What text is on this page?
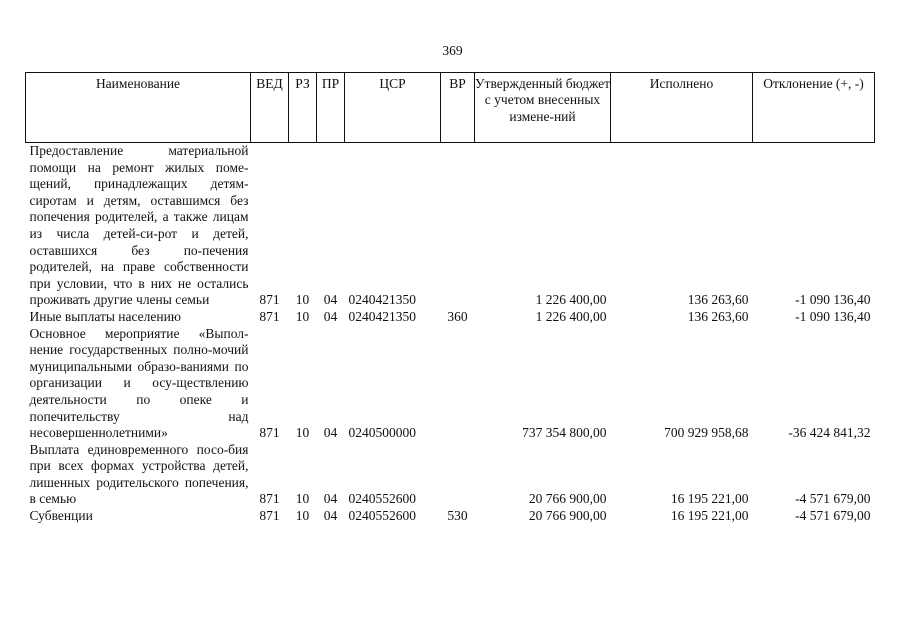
369
Наименование	ВЕД	РЗ	ПР	ЦСР	ВР	Утвержденный бюджет с учетом внесенных измене-ний	Исполнено	Отклонение (+, -)
Предоставление материальной помощи на ремонт жилых поме-щений, принадлежащих детям-сиротам и детям, оставшимся без попечения родителей, а также лицам из числа детей-си-рот и детей, оставшихся без по-печения родителей, на праве собственности при условии, что в них не остались проживать другие члены семьи	871	10	04	0240421350		1 226 400,00	136 263,60	-1 090 136,40
Иные выплаты населению	871	10	04	0240421350	360	1 226 400,00	136 263,60	-1 090 136,40
Основное мероприятие «Выпол-нение государственных полно-мочий муниципальными образо-ваниями по организации и осу-ществлению деятельности по опеке и попечительству над несовершеннолетними»	871	10	04	0240500000		737 354 800,00	700 929 958,68	-36 424 841,32
Выплата единовременного посо-бия при всех формах устройства детей, лишенных родительского попечения, в семью	871	10	04	0240552600		20 766 900,00	16 195 221,00	-4 571 679,00
Субвенции	871	10	04	0240552600	530	20 766 900,00	16 195 221,00	-4 571 679,00
